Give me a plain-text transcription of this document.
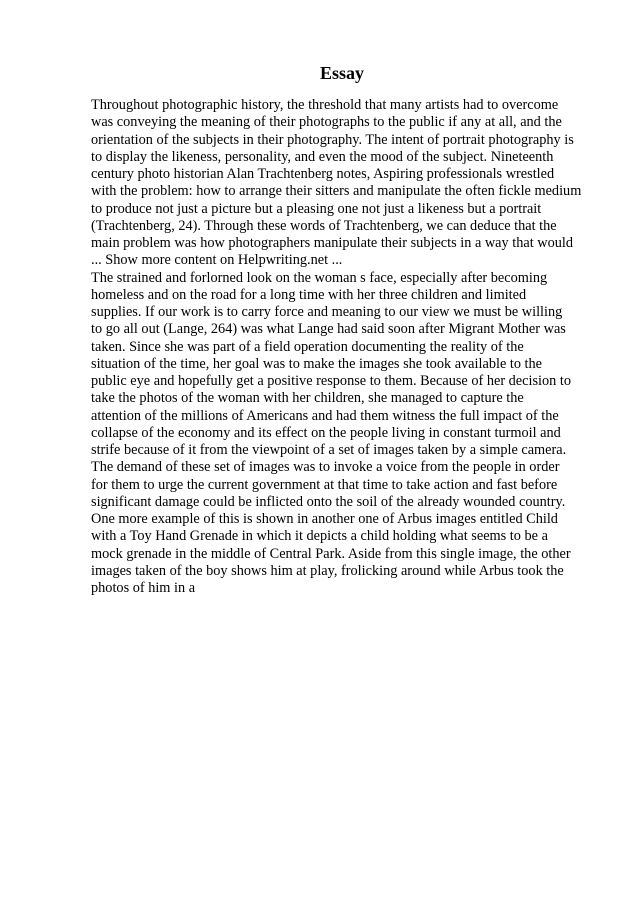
Essay
Throughout photographic history, the threshold that many artists had to overcome
was conveying the meaning of their photographs to the public if any at all, and the
orientation of the subjects in their photography. The intent of portrait photography is
to display the likeness, personality, and even the mood of the subject. Nineteenth
century photo historian Alan Trachtenberg notes, Aspiring professionals wrestled
with the problem: how to arrange their sitters and manipulate the often fickle medium
to produce not just a picture but a pleasing one not just a likeness but a portrait
(Trachtenberg, 24). Through these words of Trachtenberg, we can deduce that the
main problem was how photographers manipulate their subjects in a way that would
... Show more content on Helpwriting.net ...
The strained and forlorned look on the woman s face, especially after becoming
homeless and on the road for a long time with her three children and limited
supplies. If our work is to carry force and meaning to our view we must be willing
to go all out (Lange, 264) was what Lange had said soon after Migrant Mother was
taken. Since she was part of a field operation documenting the reality of the
situation of the time, her goal was to make the images she took available to the
public eye and hopefully get a positive response to them. Because of her decision to
take the photos of the woman with her children, she managed to capture the
attention of the millions of Americans and had them witness the full impact of the
collapse of the economy and its effect on the people living in constant turmoil and
strife because of it from the viewpoint of a set of images taken by a simple camera.
The demand of these set of images was to invoke a voice from the people in order
for them to urge the current government at that time to take action and fast before
significant damage could be inflicted onto the soil of the already wounded country.
One more example of this is shown in another one of Arbus images entitled Child
with a Toy Hand Grenade in which it depicts a child holding what seems to be a
mock grenade in the middle of Central Park. Aside from this single image, the other
images taken of the boy shows him at play, frolicking around while Arbus took the
photos of him in a
